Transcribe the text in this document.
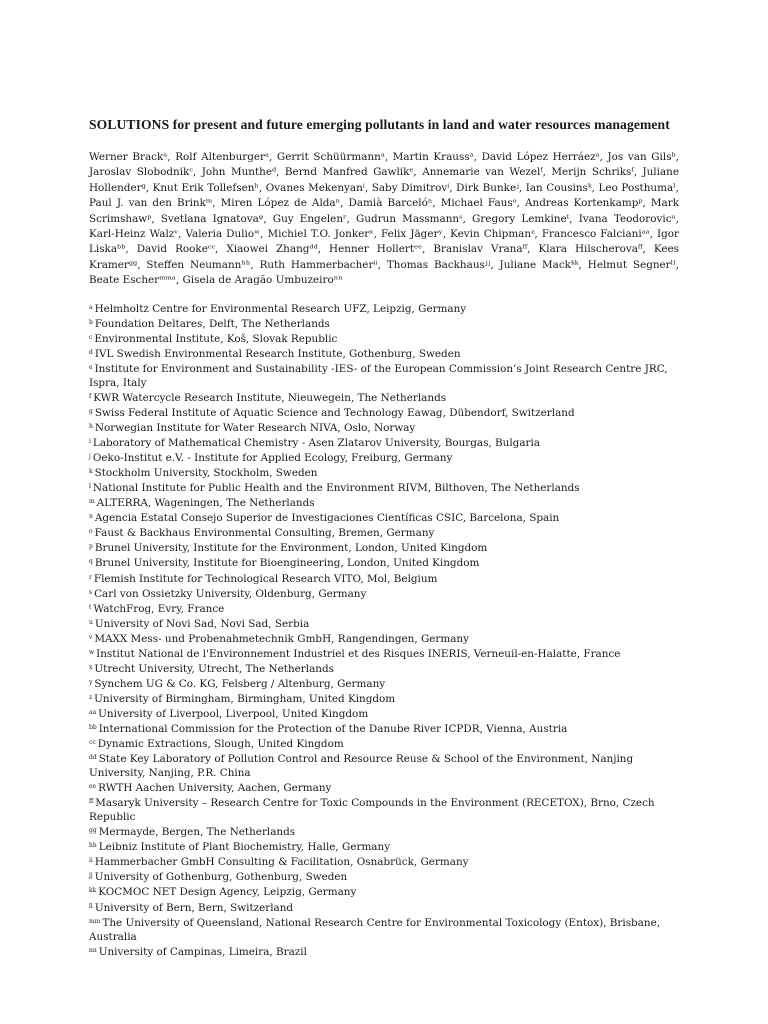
SOLUTIONS for present and future emerging pollutants in land and water resources management

Werner Brackᵃ, Rolf Altenburgerᵃ, Gerrit Schüürmannᵃ, Martin Kraussᵃ, David López Herráezᵃ, Jos van Gilsᵇ, Jaroslav Slobodnikᶜ, John Muntheᵈ, Bernd Manfred Gawlikᵉ, Annemarie van Wezelᶠ, Merijn Schriksᶠ, Juliane Hollenderᵍ, Knut Erik Tollefsenʰ, Ovanes Mekenyanⁱ, Saby Dimitrovⁱ, Dirk Bunkeʲ, Ian Cousinsᵏ, Leo Posthumaˡ, Paul J. van den Brinkᵐ, Miren López de Aldaⁿ, Damià Barcelóⁿ, Michael Fausᵒ, Andreas Kortenkampᵖ, Mark Scrimshawᵖ, Svetlana Ignatovaᵠ, Guy Engelenʳ, Gudrun Massmannˢ, Gregory Lemkineᵗ, Ivana Teodorovicᵘ, Karl-Heinz Walzᵛ, Valeria Dulioʷ, Michiel T.O. Jonkerˣ, Felix Jägerʸ, Kevin Chipmanᶻ, Francesco Falcianiᵃᵃ, Igor Liskaᵇᵇ, David Rookeᶜᶜ, Xiaowei Zhangᵈᵈ, Henner Hollertᵉᵉ, Branislav Vranaᶠᶠ, Klara Hilscherovaᶠᶠ, Kees Kramerᵍᵍ, Steffen Neumannʰʰ, Ruth Hammerbacherⁱⁱ, Thomas Backhausʲʲ, Juliane Mackᵏᵏ, Helmut Segnerˡˡ, Beate Escherᵐᵐᵃ, Gisela de Aragão Umbuzeiroⁿⁿ

$^a$ Helmholtz Centre for Environmental Research UFZ, Leipzig, Germany
$^b$ Foundation Deltares, Delft, The Netherlands
$^c$ Environmental Institute, Koš, Slovak Republic
$^d$ IVL Swedish Environmental Research Institute, Gothenburg, Sweden
$^e$ Institute for Environment and Sustainability -IES- of the European Commission’s Joint Research Centre JRC, Ispra, Italy
$^f$ KWR Watercycle Research Institute, Nieuwegein, The Netherlands
$^g$ Swiss Federal Institute of Aquatic Science and Technology Eawag, Dübendorf, Switzerland
$^h$ Norwegian Institute for Water Research NIVA, Oslo, Norway
$^i$ Laboratory of Mathematical Chemistry - Asen Zlatarov University, Bourgas, Bulgaria
$^j$ Oeko-Institut e.V. - Institute for Applied Ecology, Freiburg, Germany
$^k$ Stockholm University, Stockholm, Sweden
$^l$ National Institute for Public Health and the Environment RIVM, Bilthoven, The Netherlands
$^m$ ALTERRA, Wageningen, The Netherlands
$^n$ Agencia Estatal Consejo Superior de Investigaciones Científicas CSIC, Barcelona, Spain
$^o$ Faust & Backhaus Environmental Consulting, Bremen, Germany
$^p$ Brunel University, Institute for the Environment, London, United Kingdom
$^q$ Brunel University, Institute for Bioengineering, London, United Kingdom
$^r$ Flemish Institute for Technological Research VITO, Mol, Belgium
$^s$ Carl von Ossietzky University, Oldenburg, Germany
$^t$ WatchFrog, Evry, France
$^u$ University of Novi Sad, Novi Sad, Serbia
$^v$ MAXX Mess- und Probenahmetechnik GmbH, Rangendingen, Germany
$^w$ Institut National de l'Environnement Industriel et des Risques INERIS, Verneuil-en-Halatte, France
$^x$ Utrecht University, Utrecht, The Netherlands
$^y$ Synchem UG & Co. KG, Felsberg / Altenburg, Germany
$^z$ University of Birmingham, Birmingham, United Kingdom
$^{aa}$ University of Liverpool, Liverpool, United Kingdom
$^{bb}$ International Commission for the Protection of the Danube River ICPDR, Vienna, Austria
$^{cc}$ Dynamic Extractions, Slough, United Kingdom
$^{dd}$ State Key Laboratory of Pollution Control and Resource Reuse & School of the Environment, Nanjing University, Nanjing, P.R. China
$^{ee}$ RWTH Aachen University, Aachen, Germany
$^{ff}$ Masaryk University – Research Centre for Toxic Compounds in the Environment (RECETOX), Brno, Czech Republic
$^{gg}$ Mermayde, Bergen, The Netherlands
$^{hh}$ Leibniz Institute of Plant Biochemistry, Halle, Germany
$^{ii}$ Hammerbacher GmbH Consulting & Facilitation, Osnabrück, Germany
$^{jj}$ University of Gothenburg, Gothenburg, Sweden
$^{kk}$ KOCMOC NET Design Agency, Leipzig, Germany
$^{ll}$ University of Bern, Bern, Switzerland
$^{mm}$ The University of Queensland, National Research Centre for Environmental Toxicology (Entox), Brisbane, Australia
$^{nn}$ University of Campinas, Limeira, Brazil
